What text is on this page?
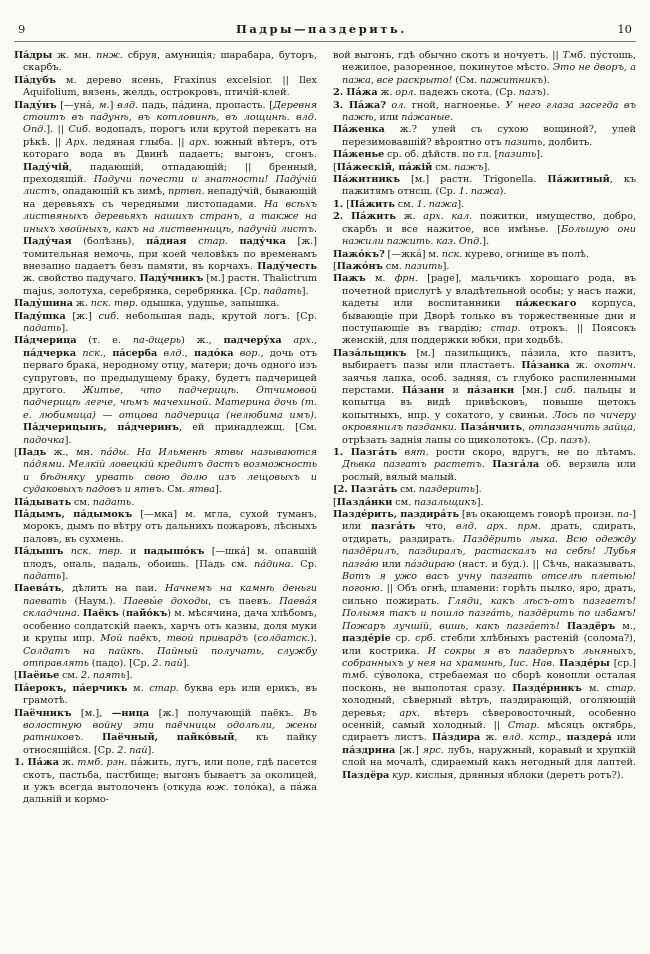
9	Падры—паздерить.	10

Па́дры ж. мн. пнж. сбруя, амуницiя; шарабара, буторъ, скарбъ.

Па́дубъ м. дерево ясень, Fraxinus excelsior. || Ilex Aquifolium, вязень, желдь, острокровъ, птичiй-клей.

Паду́нъ [—уна́, м.] влд. падь, па́дина, пропасть. [Деревня стоитъ въ падунѣ, въ котловинѣ, въ лощинѣ. влд. Опд.]. || Сиб. водопадъ, порогъ или крутой перекатъ на рѣкѣ. || Арх. ледяная глыба. || арх. южный вѣтеръ, отъ котораго вода въ Двинѣ падаетъ; выгонъ, сгонъ. Паду́чiй, падающiй, отпадающiй; || бренный, преходящiй. Падучи почести и знатности! Паду́чiй листъ, опадающiй къ зимѣ, пртвп. непаду́чiй, бывающiй на деревьяхъ съ чередными листопадами. На всѣхъ листвяныхъ деревьяхъ нашихъ странъ, а также на иныхъ хвойныхъ, какъ на лиственницѣ, падучiй листъ. Паду́чая (болѣзнь), па́дная стар. паду́чка [ж.] томительная немочь, при коей человѣкъ по временамъ внезапно падаетъ безъ памяти, въ корчахъ. Паду́честь ж. свойство падучаго. Паду́чникъ [м.] растн. Thalictrum majus, золотуха, серебрянка, серебрянка. [Ср. падать].

Паду́шина ж. пск. твр. одышка, удушье, запышка.

Паду́шка [ж.] сиб. небольшая падь, крутой логъ. [Ср. падать].

Па́дчерица (т. е. па-дщерь) ж., падчеру́ха арх., па́дчерка пск., па́серба влд., падо́ка вор., дочь отъ перваго брака, неродному отцу, матери; дочь одного изъ супруговъ, по предыдущему браку, будетъ падчерицей другого. Житье, что падчерицѣ. Отчимовой падчерицѣ легче, чѣмъ мачехиной. Материна дочь (т. е. любимица) — отцова падчерица (нелюбима имъ). Па́дчерицынъ, па́дчеринъ, ей принадлежщ. [См. падочка].

[Падь ж., мн. па́ды. На Ильменѣ ятвы называются па́дями. Мелкiй ловецкiй кредитъ дастъ возможность и бѣдняку урвать свою долю изъ лещовыхъ и судаковыхъ падовъ и ятвъ. См. ятва].

Па́дывать см. падать.

Па́дымъ, па́дымокъ [—мка] м. мгла, сухой туманъ, морокъ, дымъ по вѣтру отъ дальнихъ пожаровъ, лѣсныхъ паловъ, въ сухмень.

Па́дышъ пск. твр. и падышо́къ [—шка́] м. опавшiй плодъ, опаль, падаль, обоишь. [Падь см. па́дина. Ср. падать].

Паева́ть, дѣлить на паи. Начнемъ на камнѣ деньги паевать (Наум.). Паевы́е доходы, съ паевъ. Паева́я складчина. Паёкъ (пайо́къ) м. мѣсячина, дача хлѣбомъ, особенно солдатскiй паекъ, харчъ отъ казны, доля муки и крупы ипр. Мой паёкъ, твой привардъ (солдатск.). Солдатъ на пайкѣ. Пайный получать, службу отправлять (падо). [Ср. 2. пай].

[Паёнье см. 2. паять].

Па́ерокъ, па́ерчикъ м. стар. буква ерь или ерикъ, въ грамотѣ.

Паёчникъ [м.], —ница [ж.] получающiй паёкъ. Въ волостную войну эти паёчницы одолѣли, жены ратниковъ. Паёчный, пайко́вый, къ пайку относящiйся. [Ср. 2. пай].

1. Па́жа ж. тмб. рзн. па́жить, лугъ, или поле, гдѣ пасется скотъ, пастьба, пастбище; выгонъ бываетъ за околицей, и ужъ всегда вытолоченъ (откуда юж. толо́ка), а па́жа дальнiй и кормо-

вой выгонъ, гдѣ обычно скотъ и ночуетъ. || Тмб. пу́стошь, нежилое, разоренное, покинутое мѣсто. Это не дворъ, а пажа, все раскрыто! (См. пажитникъ).

2. Па́жа ж. орл. падежъ скота. (Ср. пазъ).

3. Па́жа? ол. гной, нагноенье. У него глаза засегда въ пажѣ, или па́жаные.

Па́женка ж.? улей съ сухою вощиной?, улей перезимовавшiй? вѣроятно отъ пазить, долбить.

Па́женье ср. об. дѣйств. по гл. [пазить].

[Па́жескiй, па́жiй см. пажъ].

Па́житникъ [м.] растн. Trigonella. Па́житный, къ пажитямъ отнсщ. (Ср. 1. пажа).

1. [Па́жить см. 1. пажа].

2. Па́жить ж. арх. кал. пожитки, имущество, добро, скарбъ и все нажитое, все имѣнье. [Большую они нажили пажить. каз. Опд.].

Пажо́къ? [—жка́] м. пск. курево, огнище въ полѣ.

[Пажо́нъ см. пазить].

Пажъ м. фрн. [page], мальчикъ хорошаго рода, въ почетной прислугѣ у владѣтельной особы; у насъ пажи, кадеты или воспитанники па́жескаго корпуса, бывающiе при Дворѣ только въ торжественные дни и поступающiе въ гвардiю; стар. отрокъ. || Поясокъ женскiй, для поддержки юбки, при ходьбѣ.

Паза́льщикъ [м.] пазильщикъ, па́зила, кто пазитъ, выбираетъ пазы или пластаетъ. Па́занка ж. охотнч. заячья лапка, особ. задняя, съ глубоко распиленными перстами. Па́зани и па́занки [мн.] сиб. пальцы и копытца въ видѣ привѣсковъ, повыше щетокъ копытныхъ, нпр. у сохатого, у свиньи. Лось по чичеру окровянилъ пазданки. Паза́нчить, отпазанчить зайца, отрѣзать заднiя лапы со щиколотокъ. (Ср. пазъ).

1. Пазга́ть вят. рости скоро, вдругъ, не по лѣтамъ. Дѣвка пазгатъ растетъ. Пазга́ла об. верзила или рослый, вялый малый.

[2. Пазга́ть см. паздерить].

[Пазда́нки см. пазальщикъ].

Пазде́рить, паздира́ть [въ окающемъ говорѣ произн. па-] или пазга́ть что, влд. арх. прм. драть, сдирать, отдирать, раздирать. Паздёрить лыка. Всю одежду паздёрилъ, паздиралъ, растаскалъ на себѣ! Лубья пазга́ю или па́здираю (наст. и буд.). || Сѣчь, наказывать. Вотъ я ужо васъ учну пазгать отселѣ плетью! погоню. || Объ огнѣ, пламени: горѣть пылко, яро, драть, сильно пожирать. Гляди, какъ лѣсъ-отъ пазгаетъ! Полымя такъ и пошло пазга́ть, паздёрить по избамъ! Пожаръ лучшiй, вишь, какъ пазга́етъ! Паздёръ м., пазде́рiе ср. срб. стебли хлѣбныхъ растенiй (солома?), или кострика. И сокры я въ паздерѣхъ льняныхъ, собранныхъ у нея на храминѣ, Іис. Нав. Пазде́ры [ср.] тмб. су́волока, стребаемая по сборѣ конопли осталая посконь, не выполотая сразу. Пазде́рникъ м. стар. холодный, сѣверный вѣтръ, паздирающiй, оголяющiй деревья; арх. вѣтеръ сѣверовосточный, особенно осеннiй, самый холодный. || Стар. мѣсяцъ октябрь, сдираетъ листъ. Па́здира ж. влд. кстр., паздера́ или па́здрина [ж.] ярс. лубъ, наружный, коравый и хрупкiй слой на мочалѣ, сдираемый какъ негодный для лаптей. Паздёра кур. кислыя, дрянныя яблоки (деретъ ротъ?).
